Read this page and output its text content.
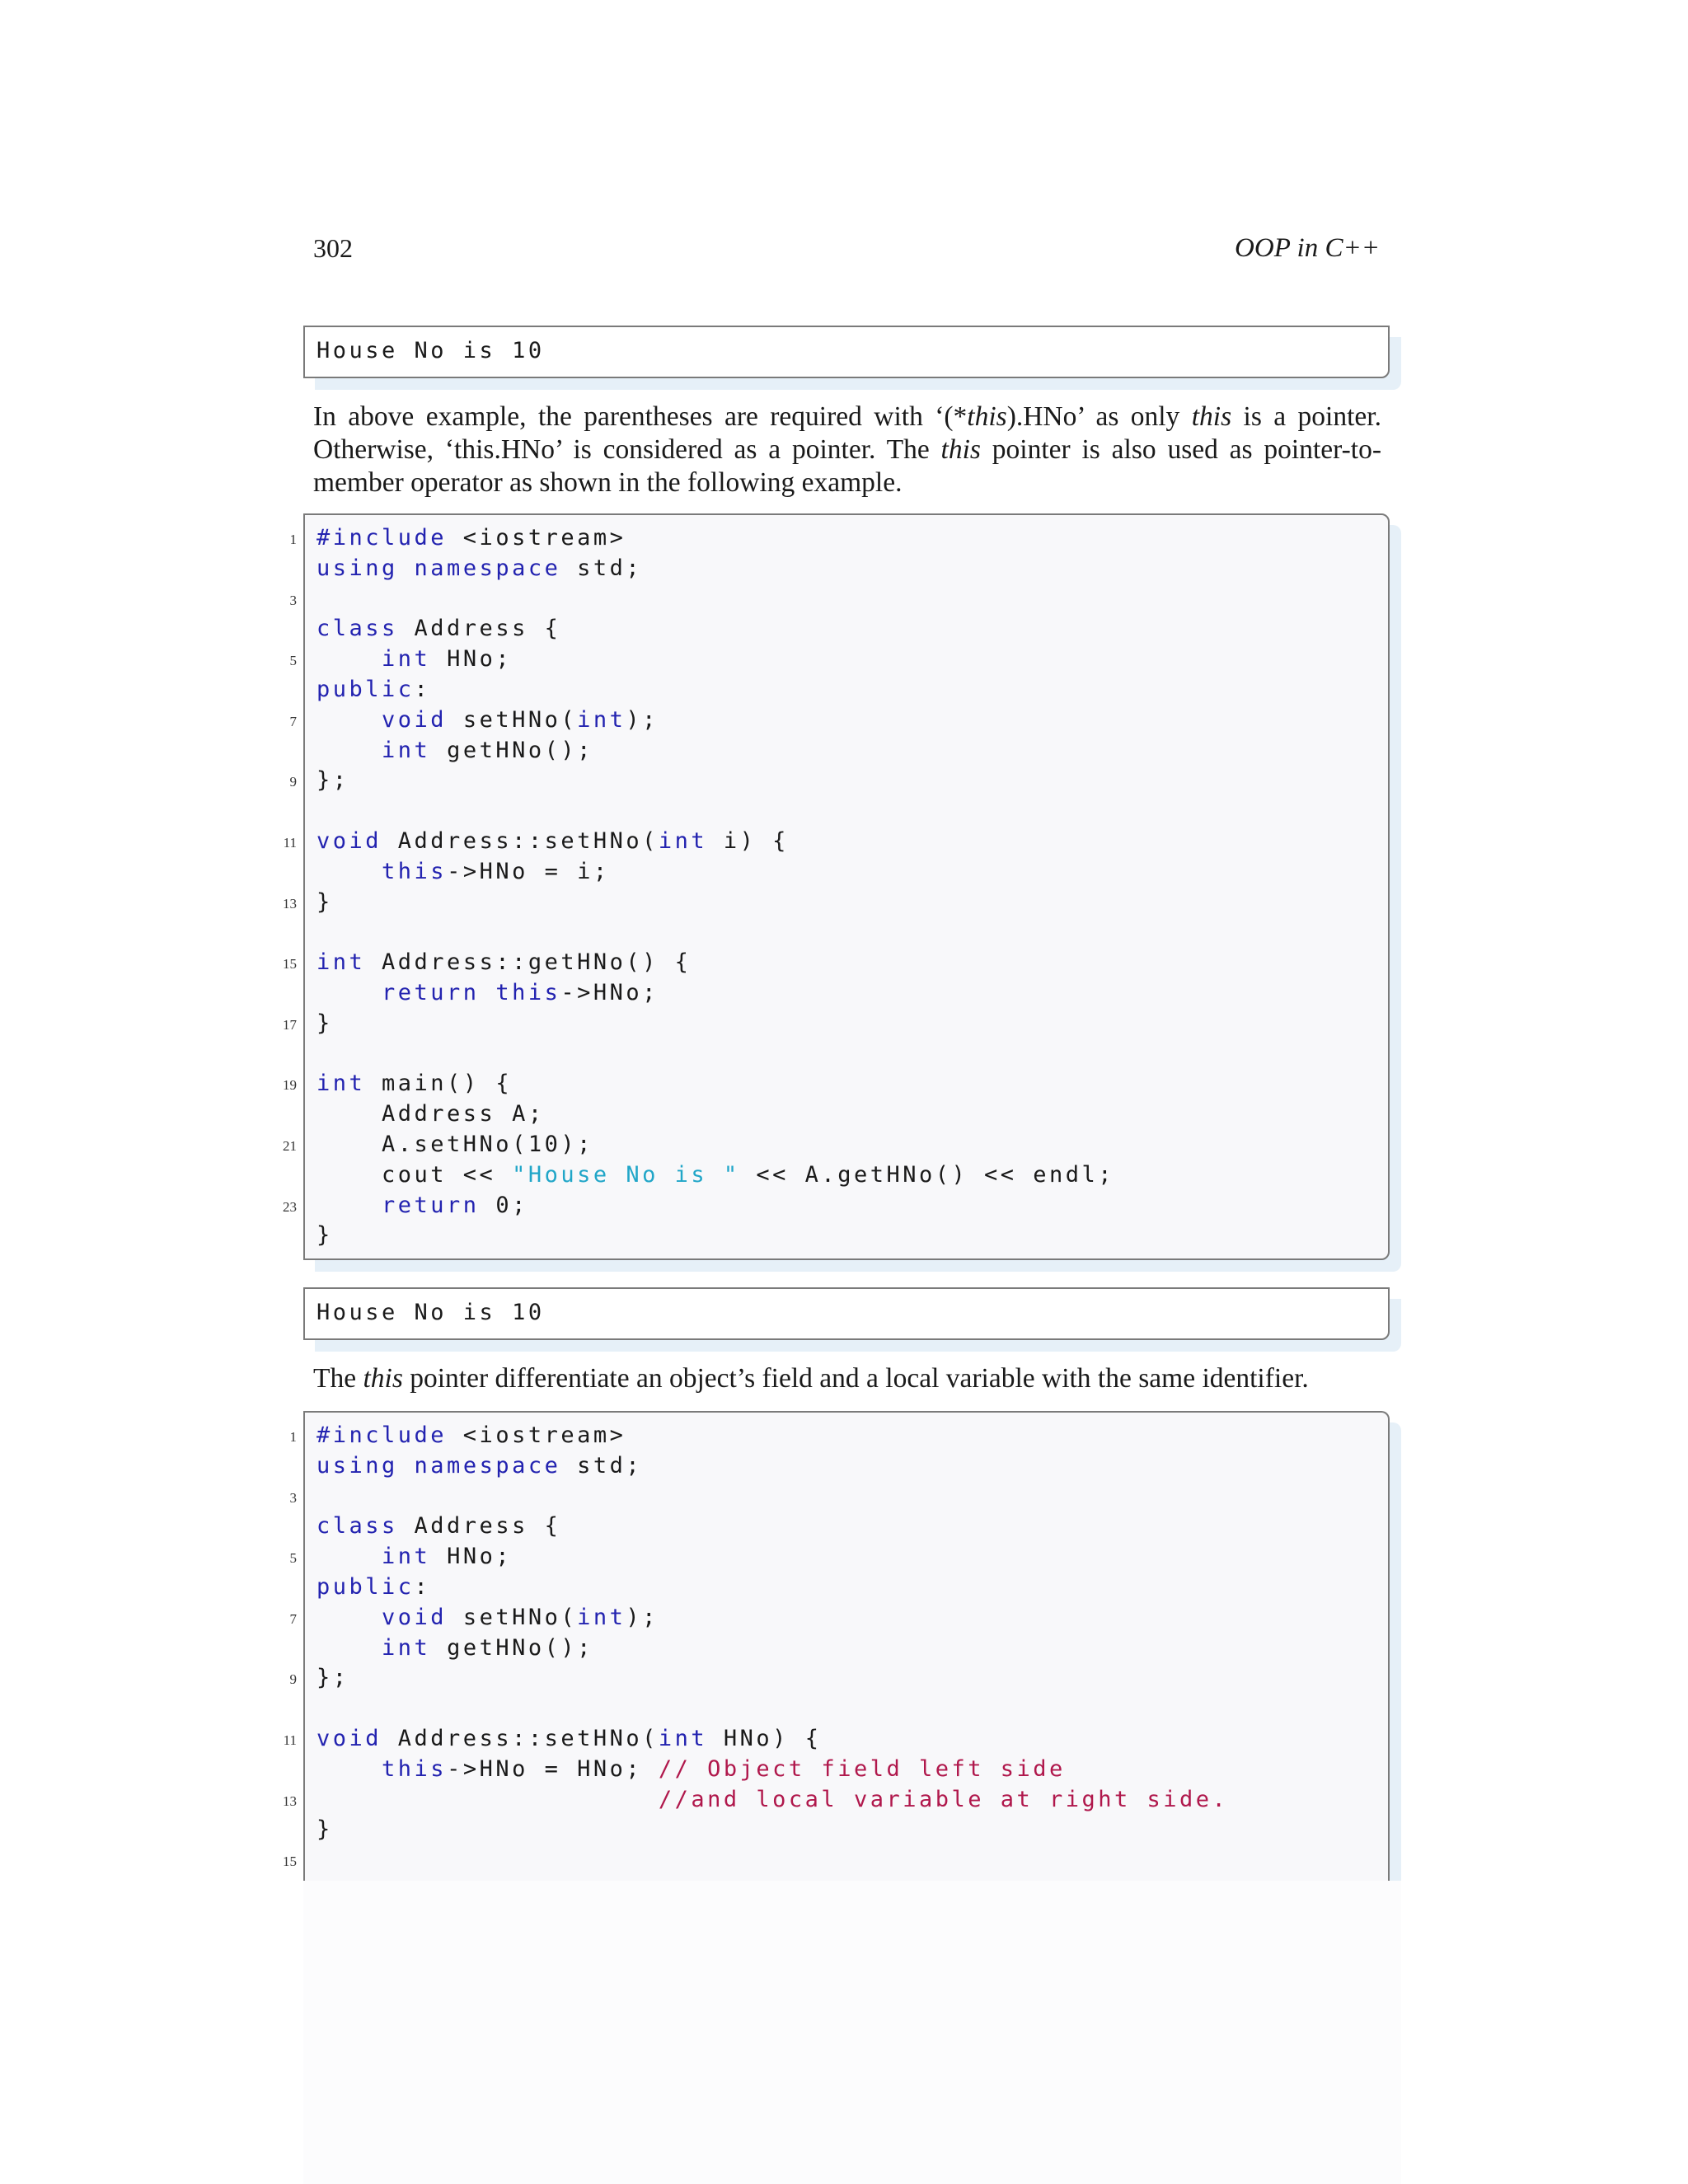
302	OOP in C++
House No is 10

In above example, the parentheses are required with ‘(*this).HNo’ as only this is a pointer. Otherwise, ‘this.HNo’ is considered as a pointer. The this pointer is also used as pointer-to-member operator as shown in the following example.

1 #include <iostream>
using namespace std;
3
class Address {
5	int HNo;
public:
7	void setHNo(int);
int getHNo();
9 };
11 void Address::setHNo(int i) {
this->HNo = i;
13 }
15 int Address::getHNo() {
return this->HNo;
17 }
19 int main() {
Address A;
21 A.setHNo(10);
cout << "House No is " << A.getHNo() << endl;
23	return 0;
}
House No is 10

The this pointer differentiate an object’s field and a local variable with the same identifier.

1 #include <iostream>
using namespace std;
3
class Address {
5	int HNo;
public:
7	void setHNo(int);
int getHNo();
9 };
11 void Address::setHNo(int HNo) {
this->HNo = HNo; // Object field left side
13	//and local variable at right side.
}
15
